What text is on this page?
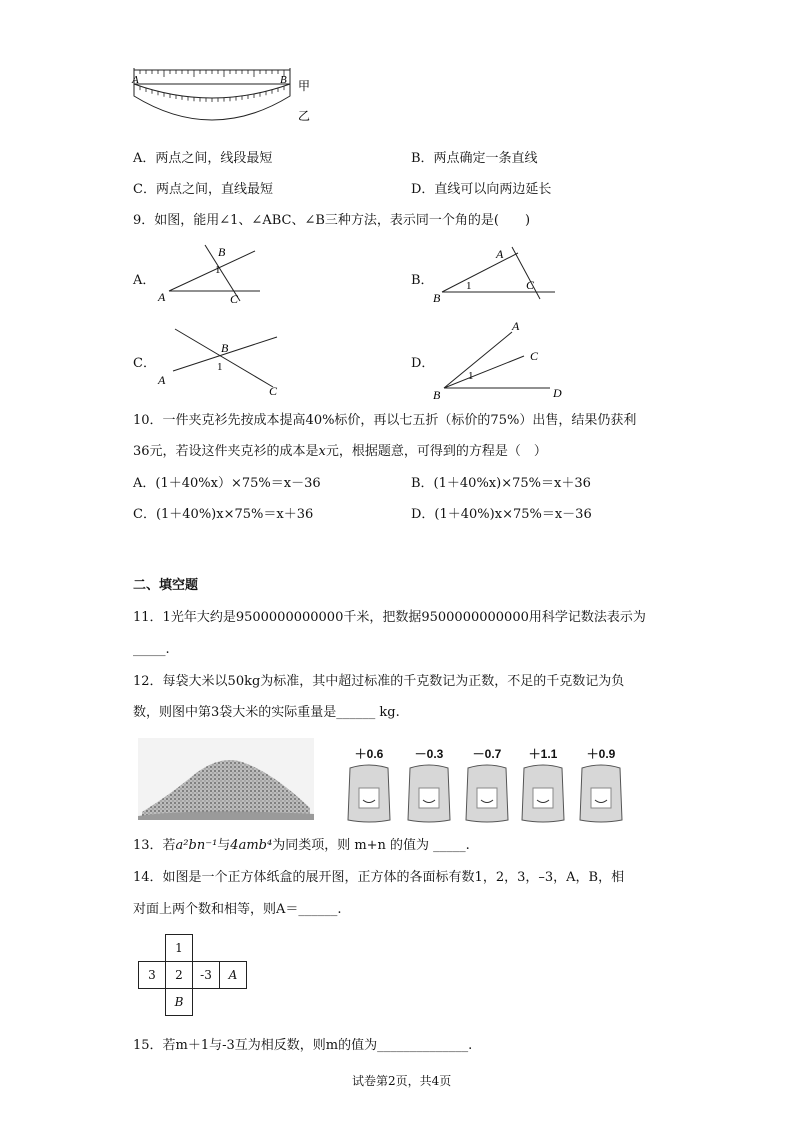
A	B 甲
乙
A．两点之间，线段最短	B．两点确定一条直线
C．两点之间，直线最短	D．直线可以向两边延长
9．如图，能用∠1、∠ABC、∠B三种方法，表示同一个角的是(　　)
A．
B
1
A	C
B．
A
1
B
C
C．
B
1
A
C
D．
A
C
1
B	D
10．一件夹克衫先按成本提高40%标价，再以七五折（标价的75%）出售，结果仍获利
36元，若设这件夹克衫的成本是x元，根据题意，可得到的方程是（　）
A．(1＋40%x）×75%＝x－36	B．(1＋40%x)×75%＝x＋36
C．(1＋40%)x×75%＝x＋36	D．(1＋40%)x×75%＝x－36
二、填空题
11．1光年大约是9500000000000千米，把数据9500000000000用科学记数法表示为
_____.
12．每袋大米以50kg为标准，其中超过标准的千克数记为正数，不足的千克数记为负
数，则图中第3袋大米的实际重量是______ kg.
＋0.6	－0.3	－0.7	＋1.1	＋0.9
13．若a²bn⁻¹与4amb⁴为同类项，则 m+n 的值为 _____.
14．如图是一个正方体纸盒的展开图，正方体的各面标有数1，2，3，–3，A，B，相
对面上两个数和相等，则A＝______.
	1		
3	2	-3	A
	B		
15．若m＋1与-3互为相反数，则m的值为______________.
试卷第2页，共4页
